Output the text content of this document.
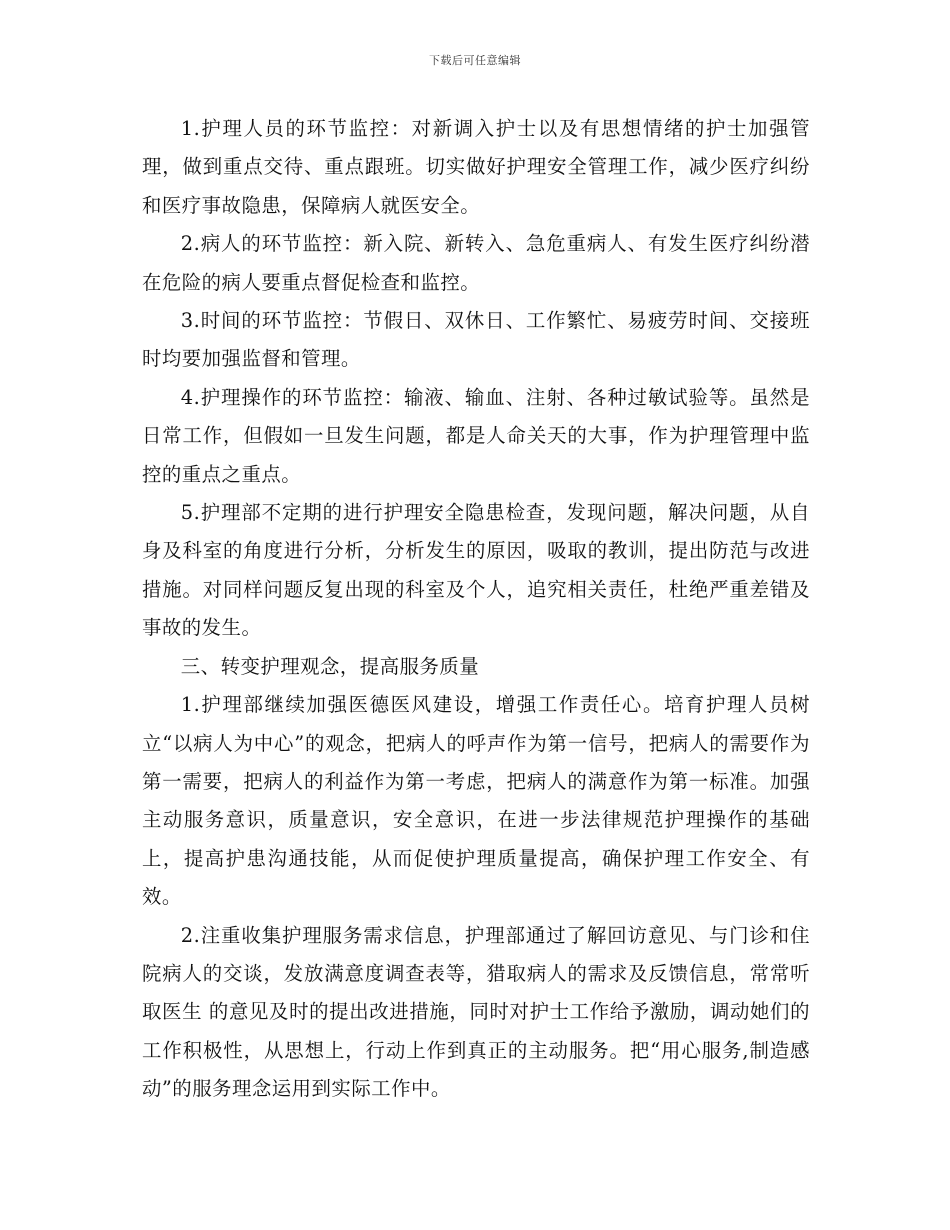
下载后可任意编辑

1.护理人员的环节监控：对新调入护士以及有思想情绪的护士加强管理，做到重点交待、重点跟班。切实做好护理安全管理工作，减少医疗纠纷和医疗事故隐患，保障病人就医安全。

2.病人的环节监控：新入院、新转入、急危重病人、有发生医疗纠纷潜在危险的病人要重点督促检查和监控。

3.时间的环节监控：节假日、双休日、工作繁忙、易疲劳时间、交接班时均要加强监督和管理。

4.护理操作的环节监控：输液、输血、注射、各种过敏试验等。虽然是日常工作，但假如一旦发生问题，都是人命关天的大事，作为护理管理中监控的重点之重点。

5.护理部不定期的进行护理安全隐患检查，发现问题，解决问题，从自身及科室的角度进行分析，分析发生的原因，吸取的教训，提出防范与改进措施。对同样问题反复出现的科室及个人，追究相关责任，杜绝严重差错及事故的发生。

三、转变护理观念，提高服务质量

1.护理部继续加强医德医风建设，增强工作责任心。培育护理人员树立“以病人为中心”的观念，把病人的呼声作为第一信号，把病人的需要作为第一需要，把病人的利益作为第一考虑，把病人的满意作为第一标准。加强主动服务意识，质量意识，安全意识，在进一步法律规范护理操作的基础上，提高护患沟通技能，从而促使护理质量提高，确保护理工作安全、有效。

2.注重收集护理服务需求信息，护理部通过了解回访意见、与门诊和住院病人的交谈，发放满意度调查表等，猎取病人的需求及反馈信息，常常听取医生 的意见及时的提出改进措施，同时对护士工作给予激励，调动她们的工作积极性，从思想上，行动上作到真正的主动服务。把“用心服务,制造感动”的服务理念运用到实际工作中。
